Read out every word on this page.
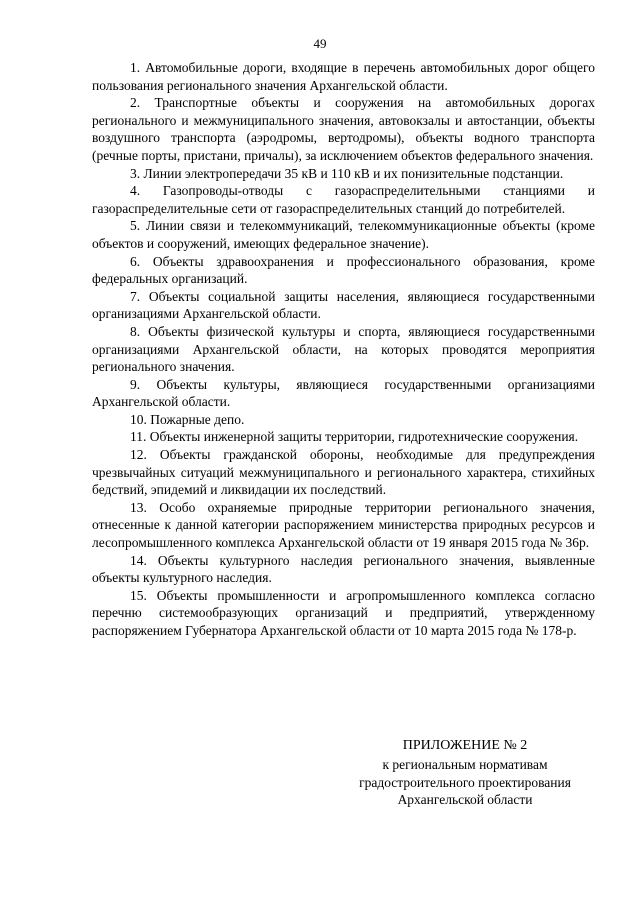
49

1. Автомобильные дороги, входящие в перечень автомобильных дорог общего пользования регионального значения Архангельской области.

2. Транспортные объекты и сооружения на автомобильных дорогах регионального и межмуниципального значения, автовокзалы и автостанции, объекты воздушного транспорта (аэродромы, вертодромы), объекты водного транспорта (речные порты, пристани, причалы), за исключением объектов федерального значения.

3. Линии электропередачи 35 кВ и 110 кВ и их понизительные подстанции.

4. Газопроводы-отводы с газораспределительными станциями и газораспределительные сети от газораспределительных станций до потребителей.

5. Линии связи и телекоммуникаций, телекоммуникационные объекты (кроме объектов и сооружений, имеющих федеральное значение).

6. Объекты здравоохранения и профессионального образования, кроме федеральных организаций.

7. Объекты социальной защиты населения, являющиеся государственными организациями Архангельской области.

8. Объекты физической культуры и спорта, являющиеся государственными организациями Архангельской области, на которых проводятся мероприятия регионального значения.

9. Объекты культуры, являющиеся государственными организациями Архангельской области.

10. Пожарные депо.

11. Объекты инженерной защиты территории, гидротехнические сооружения.

12. Объекты гражданской обороны, необходимые для предупреждения чрезвычайных ситуаций межмуниципального и регионального характера, стихийных бедствий, эпидемий и ликвидации их последствий.

13. Особо охраняемые природные территории регионального значения, отнесенные к данной категории распоряжением министерства природных ресурсов и лесопромышленного комплекса Архангельской области от 19 января 2015 года № 36р.

14. Объекты культурного наследия регионального значения, выявленные объекты культурного наследия.

15. Объекты промышленности и агропромышленного комплекса согласно перечню системообразующих организаций и предприятий, утвержденному распоряжением Губернатора Архангельской области от 10 марта 2015 года № 178-р.

ПРИЛОЖЕНИЕ № 2

к региональным нормативам

градостроительного проектирования

Архангельской области
